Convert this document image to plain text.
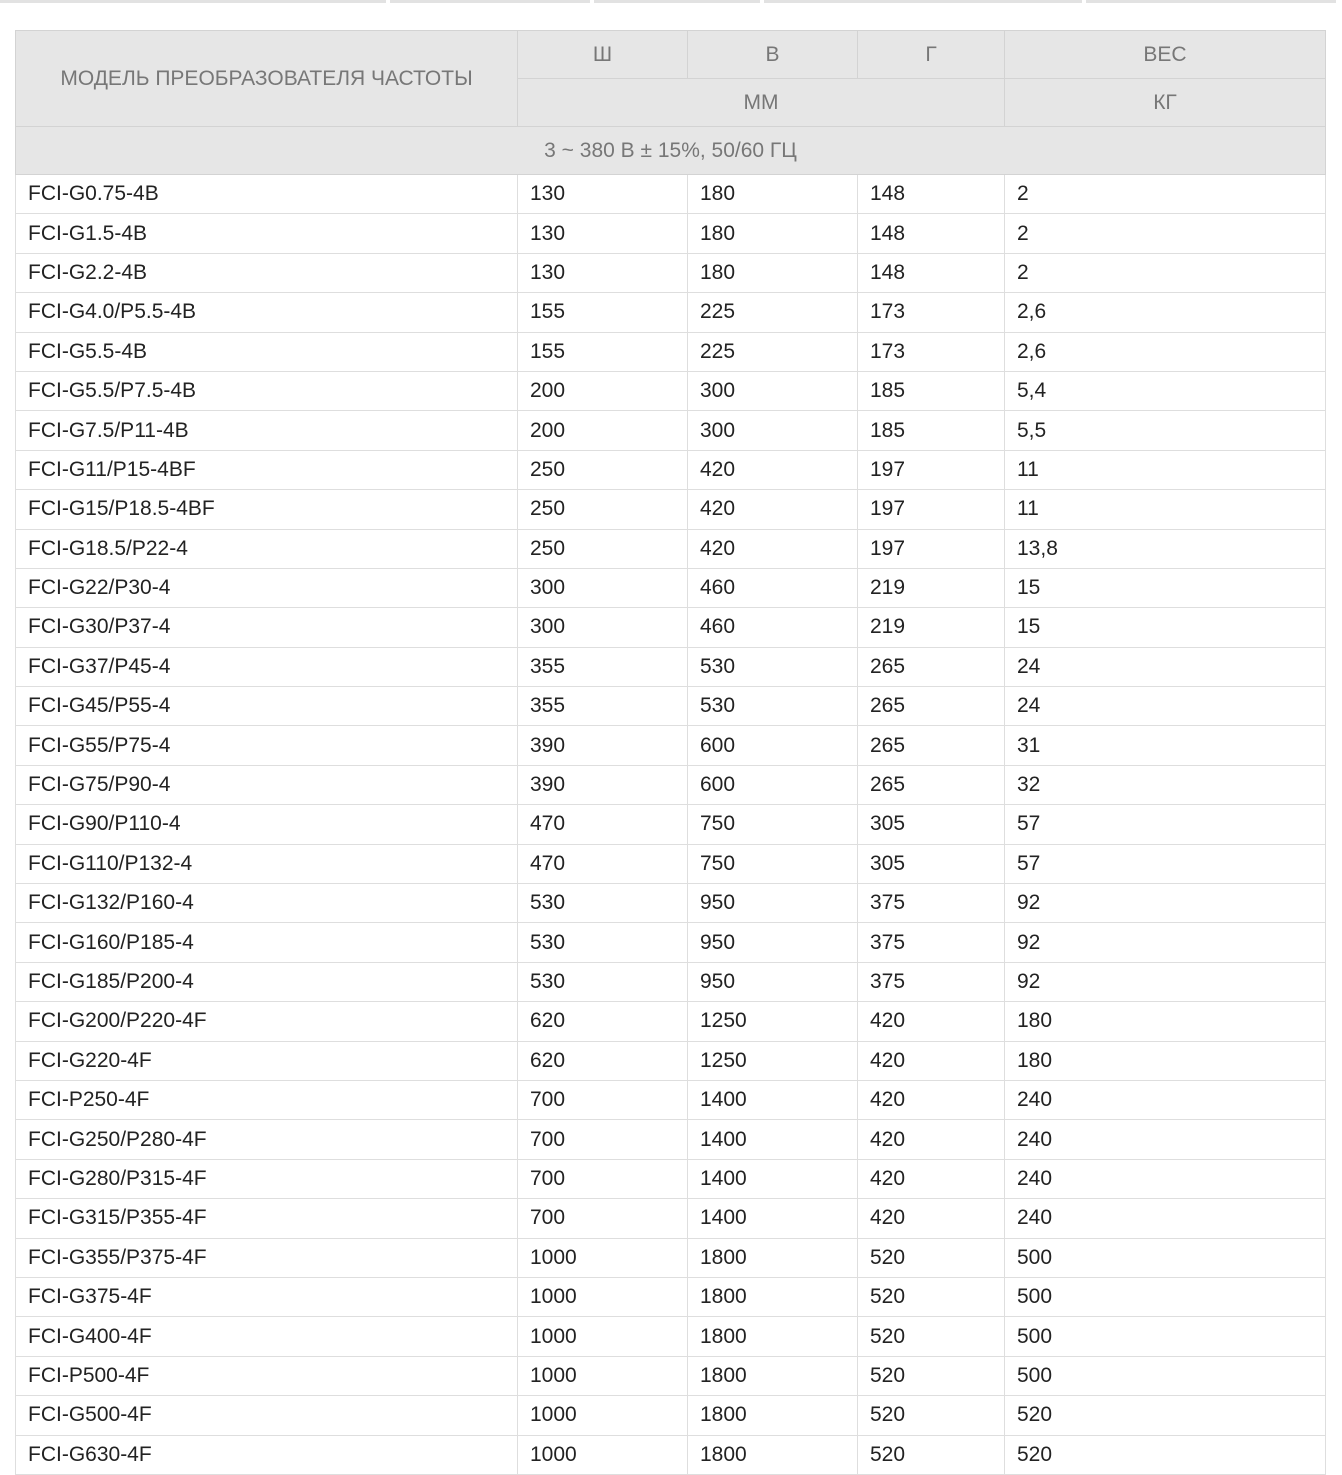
МОДЕЛЬ ПРЕОБРАЗОВАТЕЛЯ ЧАСТОТЫ	Ш	В	Г	ВЕС
	ММ			КГ
3 ~ 380 В ± 15%, 50/60 ГЦ				
FCI-G0.75-4B	130	180	148	2
FCI-G1.5-4B	130	180	148	2
FCI-G2.2-4B	130	180	148	2
FCI-G4.0/P5.5-4B	155	225	173	2,6
FCI-G5.5-4B	155	225	173	2,6
FCI-G5.5/P7.5-4B	200	300	185	5,4
FCI-G7.5/P11-4B	200	300	185	5,5
FCI-G11/P15-4BF	250	420	197	11
FCI-G15/P18.5-4BF	250	420	197	11
FCI-G18.5/P22-4	250	420	197	13,8
FCI-G22/P30-4	300	460	219	15
FCI-G30/P37-4	300	460	219	15
FCI-G37/P45-4	355	530	265	24
FCI-G45/P55-4	355	530	265	24
FCI-G55/P75-4	390	600	265	31
FCI-G75/P90-4	390	600	265	32
FCI-G90/P110-4	470	750	305	57
FCI-G110/P132-4	470	750	305	57
FCI-G132/P160-4	530	950	375	92
FCI-G160/P185-4	530	950	375	92
FCI-G185/P200-4	530	950	375	92
FCI-G200/P220-4F	620	1250	420	180
FCI-G220-4F	620	1250	420	180
FCI-P250-4F	700	1400	420	240
FCI-G250/P280-4F	700	1400	420	240
FCI-G280/P315-4F	700	1400	420	240
FCI-G315/P355-4F	700	1400	420	240
FCI-G355/P375-4F	1000	1800	520	500
FCI-G375-4F	1000	1800	520	500
FCI-G400-4F	1000	1800	520	500
FCI-P500-4F	1000	1800	520	500
FCI-G500-4F	1000	1800	520	520
FCI-G630-4F	1000	1800	520	520
